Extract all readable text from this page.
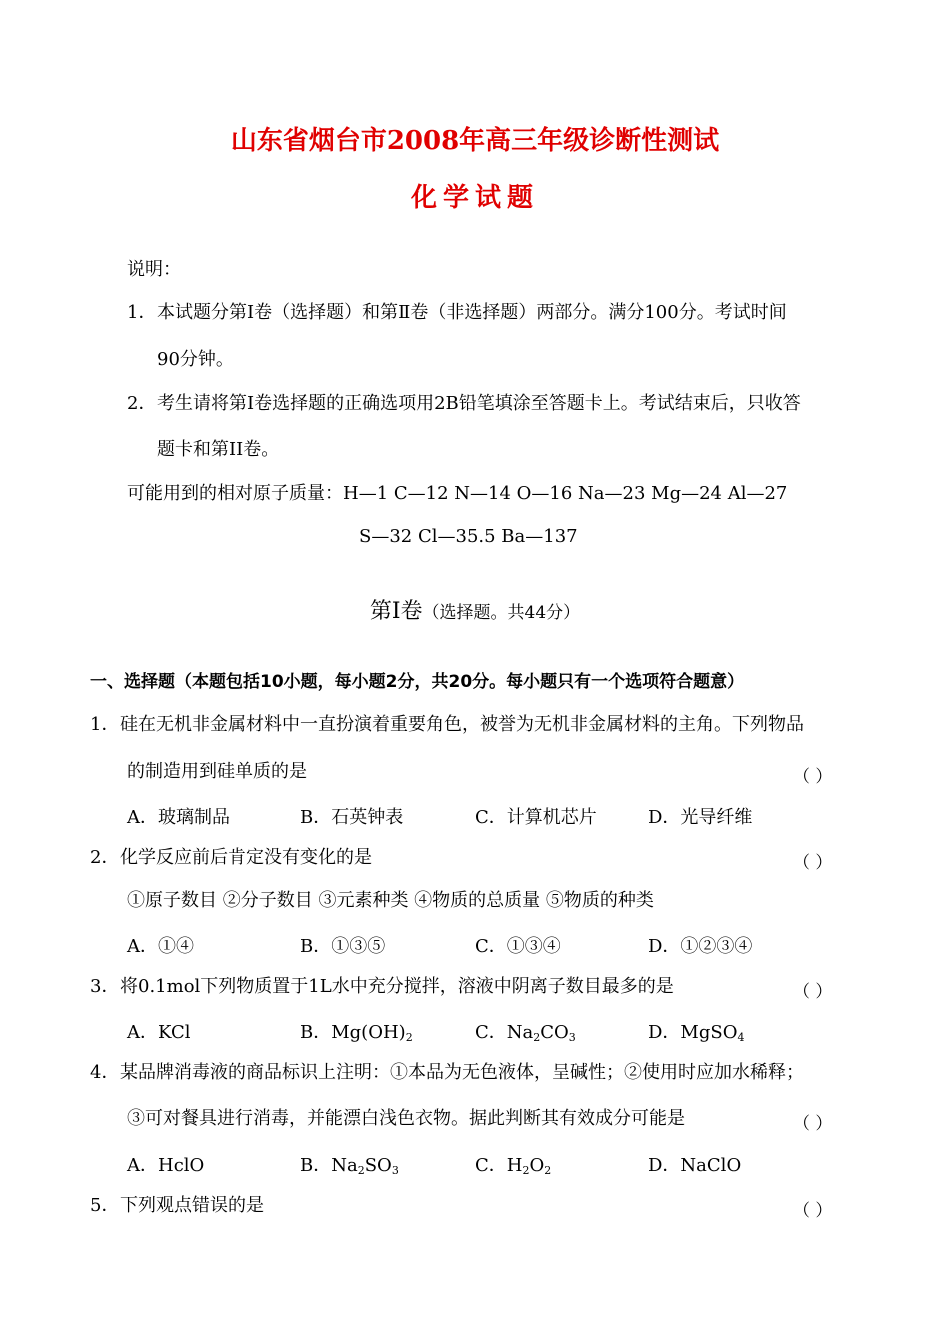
山东省烟台市2008年高三年级诊断性测试
化学试题
说明：
1． 本试题分第Ⅰ卷（选择题）和第Ⅱ卷（非选择题）两部分。满分100分。考试时间
90分钟。
2． 考生请将第I卷选择题的正确选项用2B铅笔填涂至答题卡上。考试结束后，只收答
题卡和第II卷。
可能用到的相对原子质量：H—1 C—12 N—14 O—16 Na—23 Mg—24 Al—27
S—32 Cl—35.5 Ba—137
第Ⅰ卷（选择题。共44分）
一、选择题（本题包括10小题，每小题2分，共20分。每小题只有一个选项符合题意）
1． 硅在无机非金属材料中一直扮演着重要角色，被誉为无机非金属材料的主角。下列物品
的制造用到硅单质的是	（ ）
A．玻璃制品	B．石英钟表	C．计算机芯片	D．光导纤维
2． 化学反应前后肯定没有变化的是	（ ）
①原子数目 ②分子数目 ③元素种类 ④物质的总质量 ⑤物质的种类
A．①④	B．①③⑤	C．①③④	D．①②③④
3． 将0.1mol下列物质置于1L水中充分搅拌，溶液中阴离子数目最多的是	（ ）
A．KCl	B．$Mg(OH)_2$	C．$Na_2CO_3$	D．MgSO$_4$
4． 某品牌消毒液的商品标识上注明：①本品为无色液体，呈碱性；②使用时应加水稀释；
③可对餐具进行消毒，并能漂白浅色衣物。据此判断其有效成分可能是	（ ）
A．HclO	B．$Na_2SO_3$	C．$H_2O_2$	D．NaClO
5． 下列观点错误的是	（ ）
